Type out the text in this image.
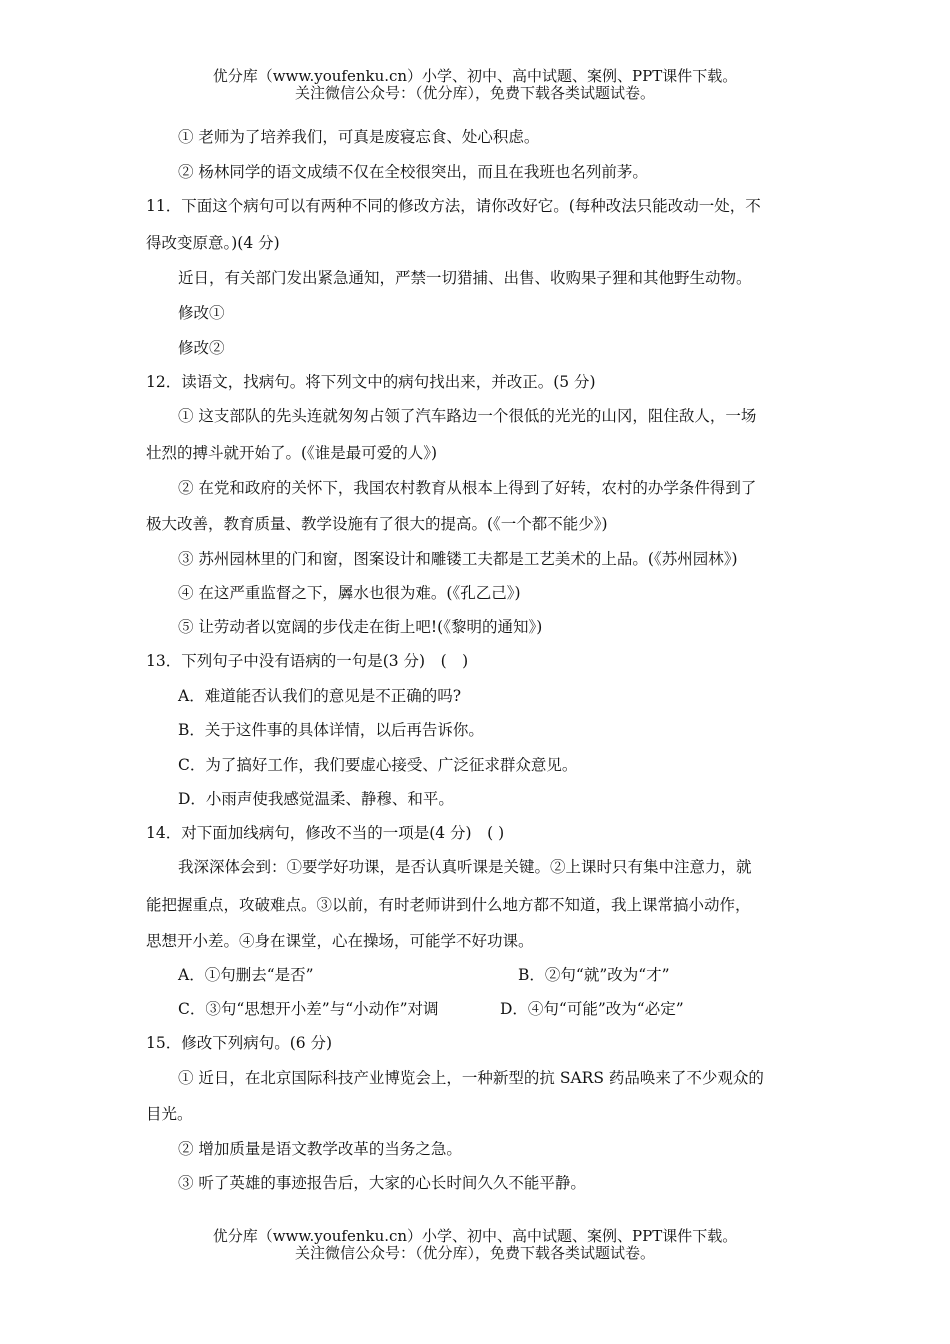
优分库（www.youfenku.cn）小学、初中、高中试题、案例、PPT课件下载。
关注微信公众号：（优分库），免费下载各类试题试卷。
① 老师为了培养我们，可真是废寝忘食、处心积虑。
② 杨林同学的语文成绩不仅在全校很突出，而且在我班也名列前茅。
11．下面这个病句可以有两种不同的修改方法，请你改好它。(每种改法只能改动一处，不
得改变原意。)(4 分)
近日，有关部门发出紧急通知，严禁一切猎捕、出售、收购果子狸和其他野生动物。
修改①
修改②
12．读语文，找病句。将下列文中的病句找出来，并改正。(5 分)
① 这支部队的先头连就匆匆占领了汽车路边一个很低的光光的山冈，阻住敌人，一场
壮烈的搏斗就开始了。(《谁是最可爱的人》)
② 在党和政府的关怀下，我国农村教育从根本上得到了好转，农村的办学条件得到了
极大改善，教育质量、教学设施有了很大的提高。(《一个都不能少》)
③ 苏州园林里的门和窗，图案设计和雕镂工夫都是工艺美术的上品。(《苏州园林》)
④ 在这严重监督之下，羼水也很为难。(《孔乙己》)
⑤ 让劳动者以宽阔的步伐走在街上吧!(《黎明的通知》)
13．下列句子中没有语病的一句是(3 分)　(　)
A．难道能否认我们的意见是不正确的吗?
B．关于这件事的具体详情，以后再告诉你。
C．为了搞好工作，我们要虚心接受、广泛征求群众意见。
D．小雨声使我感觉温柔、静穆、和平。
14．对下面加线病句，修改不当的一项是(4 分)　( )
我深深体会到：①要学好功课，是否认真听课是关键。②上课时只有集中注意力，就
能把握重点，攻破难点。③以前，有时老师讲到什么地方都不知道，我上课常搞小动作，
思想开小差。④身在课堂，心在操场，可能学不好功课。
A．①句删去“是否”	B．②句“就”改为“才”
C．③句“思想开小差”与“小动作”对调	D．④句“可能”改为“必定”
15．修改下列病句。(6 分)
① 近日，在北京国际科技产业博览会上，一种新型的抗 SARS 药品唤来了不少观众的
目光。
② 增加质量是语文教学改革的当务之急。
③ 听了英雄的事迹报告后，大家的心长时间久久不能平静。
优分库（www.youfenku.cn）小学、初中、高中试题、案例、PPT课件下载。
关注微信公众号：（优分库），免费下载各类试题试卷。
